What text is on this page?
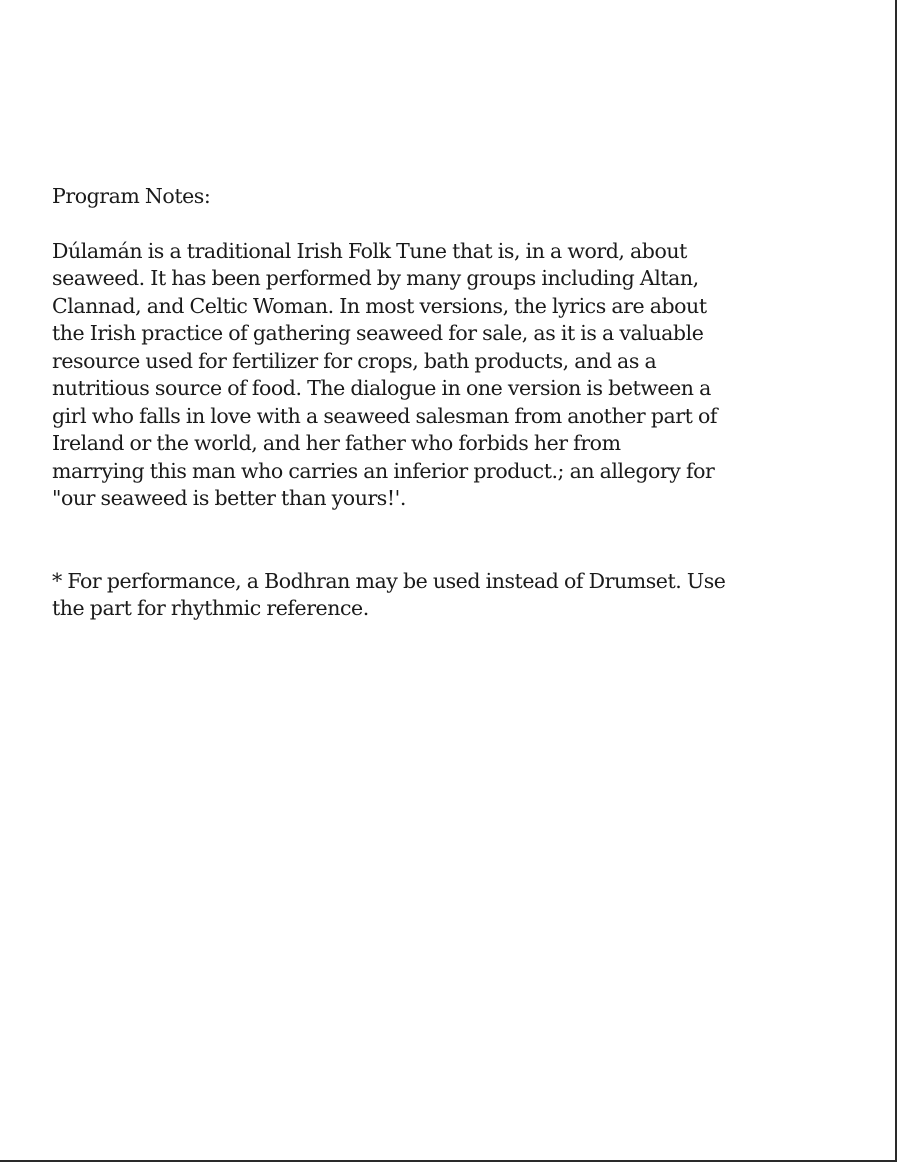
Program Notes:

Dúlamán is a traditional Irish Folk Tune that is, in a word, about
seaweed. It has been performed by many groups including Altan,
Clannad, and Celtic Woman. In most versions, the lyrics are about
the Irish practice of gathering seaweed for sale, as it is a valuable
resource used for fertilizer for crops, bath products, and as a
nutritious source of food. The dialogue in one version is between a
girl who falls in love with a seaweed salesman from another part of
Ireland or the world, and her father who forbids her from
marrying this man who carries an inferior product.; an allegory for
"our seaweed is better than yours!'.

* For performance, a Bodhran may be used instead of Drumset. Use
the part for rhythmic reference.
